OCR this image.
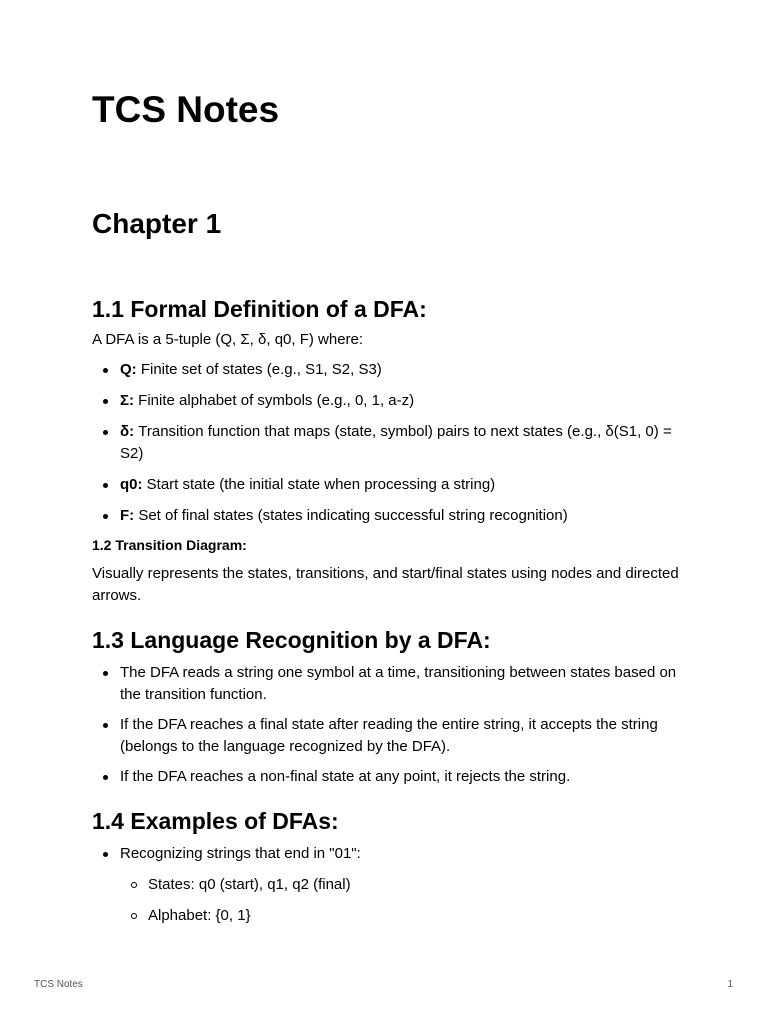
TCS Notes
Chapter 1
1.1 Formal Definition of a DFA:

A DFA is a 5-tuple (Q, Σ, δ, q0, F) where:

Q: Finite set of states (e.g., S1, S2, S3)
Σ: Finite alphabet of symbols (e.g., 0, 1, a-z)
δ: Transition function that maps (state, symbol) pairs to next states (e.g., δ(S1, 0) = S2)
q0: Start state (the initial state when processing a string)
F: Set of final states (states indicating successful string recognition)
1.2 Transition Diagram:

Visually represents the states, transitions, and start/final states using nodes and directed arrows.

1.3 Language Recognition by a DFA:
The DFA reads a string one symbol at a time, transitioning between states based on the transition function.
If the DFA reaches a final state after reading the entire string, it accepts the string (belongs to the language recognized by the DFA).
If the DFA reaches a non-final state at any point, it rejects the string.
1.4 Examples of DFAs:
Recognizing strings that end in "01":
States: q0 (start), q1, q2 (final)
Alphabet: {0, 1}
TCS Notes	1
